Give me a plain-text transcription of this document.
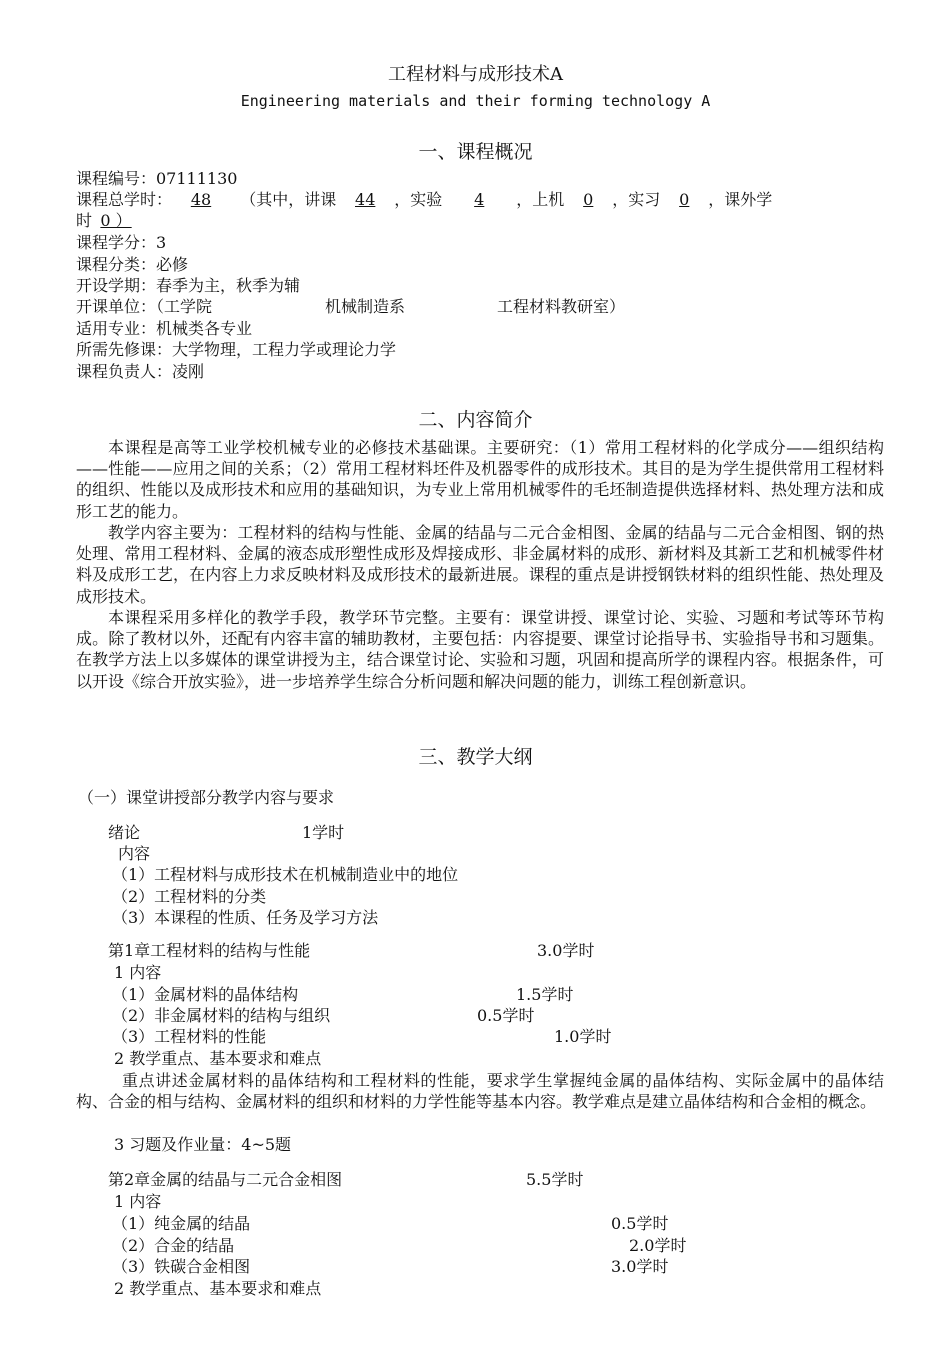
工程材料与成形技术A
Engineering materials and their forming technology A
一、课程概况
课程编号：07111130
课程总学时： 48 （其中，讲课 44 ，实验 4 ，上机 0 ，实习 0 ，课外学
时 0 ）
课程学分：3
课程分类：必修
开设学期：春季为主，秋季为辅
开课单位：（工学院	机械制造系	工程材料教研室）
适用专业：机械类各专业
所需先修课：大学物理，工程力学或理论力学
课程负责人：凌刚
二、内容简介
本课程是高等工业学校机械专业的必修技术基础课。主要研究：（1）常用工程材料的化学成分——组织结构——性能——应用之间的关系；（2）常用工程材料坯件及机器零件的成形技术。其目的是为学生提供常用工程材料的组织、性能以及成形技术和应用的基础知识，为专业上常用机械零件的毛坯制造提供选择材料、热处理方法和成形工艺的能力。
教学内容主要为：工程材料的结构与性能、金属的结晶与二元合金相图、金属的结晶与二元合金相图、钢的热处理、常用工程材料、金属的液态成形塑性成形及焊接成形、非金属材料的成形、新材料及其新工艺和机械零件材料及成形工艺，在内容上力求反映材料及成形技术的最新进展。课程的重点是讲授钢铁材料的组织性能、热处理及成形技术。
本课程采用多样化的教学手段，教学环节完整。主要有：课堂讲授、课堂讨论、实验、习题和考试等环节构成。除了教材以外，还配有内容丰富的辅助教材，主要包括：内容提要、课堂讨论指导书、实验指导书和习题集。在教学方法上以多媒体的课堂讲授为主，结合课堂讨论、实验和习题，巩固和提高所学的课程内容。根据条件，可以开设《综合开放实验》，进一步培养学生综合分析问题和解决问题的能力，训练工程创新意识。
三、教学大纲
（一）课堂讲授部分教学内容与要求
绪论	1学时
内容
（1）工程材料与成形技术在机械制造业中的地位
（2）工程材料的分类
（3）本课程的性质、任务及学习方法
第1章工程材料的结构与性能	3.0学时
1 内容
（1）金属材料的晶体结构	1.5学时
（2）非金属材料的结构与组织	0.5学时
（3）工程材料的性能	1.0学时
2 教学重点、基本要求和难点
重点讲述金属材料的晶体结构和工程材料的性能，要求学生掌握纯金属的晶体结构、实际金属中的晶体结构、合金的相与结构、金属材料的组织和材料的力学性能等基本内容。教学难点是建立晶体结构和合金相的概念。
3 习题及作业量：4~5题
第2章金属的结晶与二元合金相图	5.5学时
1 内容
（1）纯金属的结晶	0.5学时
（2）合金的结晶	2.0学时
（3）铁碳合金相图	3.0学时
2 教学重点、基本要求和难点
